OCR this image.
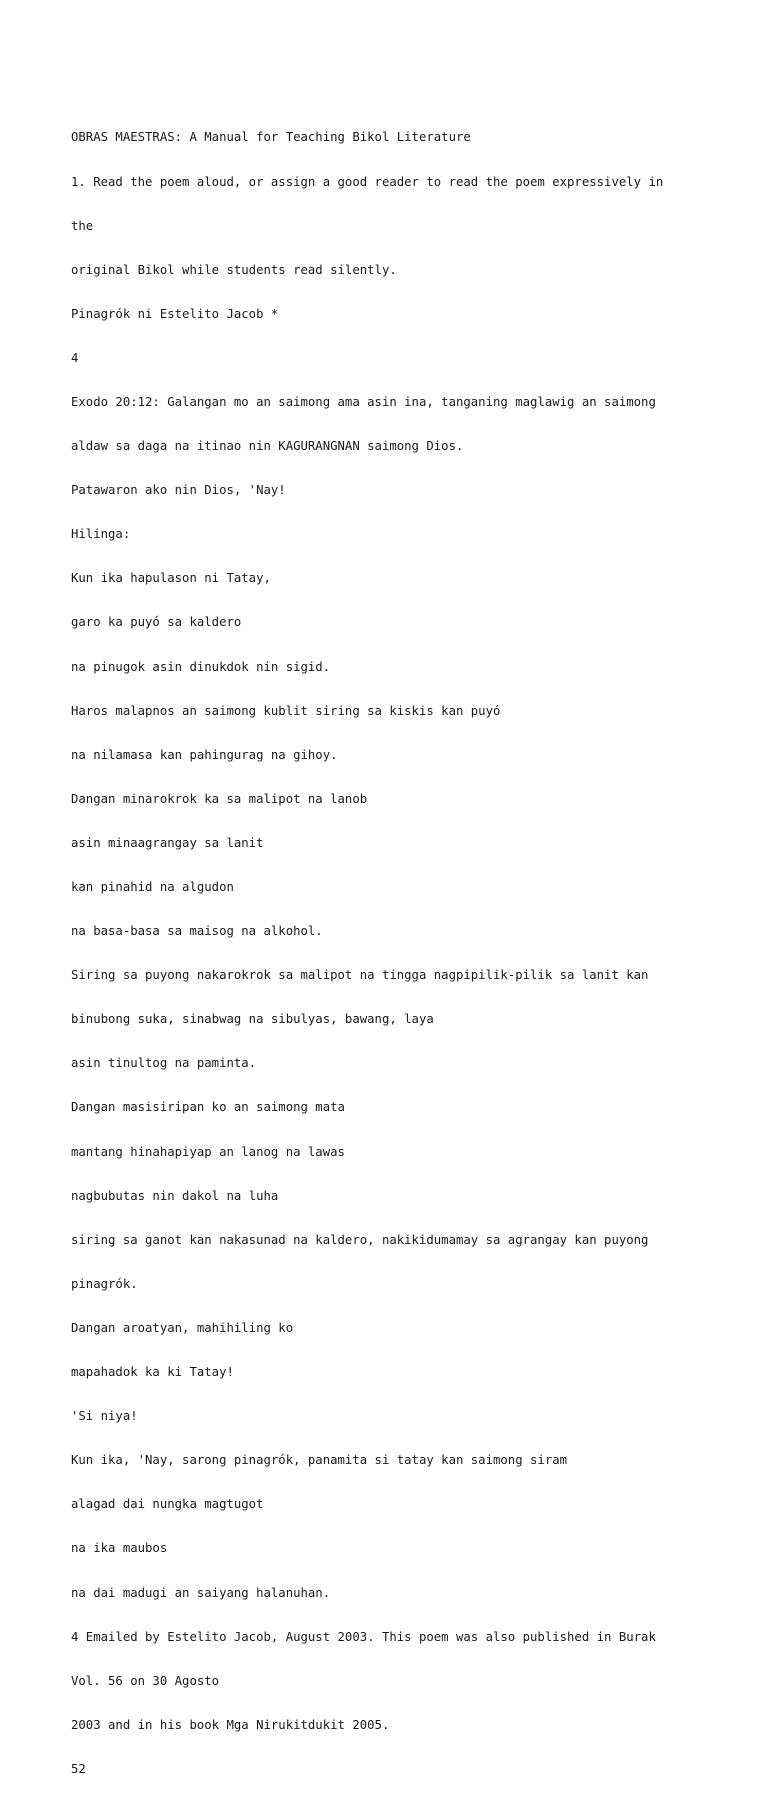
OBRAS MAESTRAS: A Manual for Teaching Bikol Literature

1. Read the poem aloud, or assign a good reader to read the poem expressively in

the

original Bikol while students read silently.

Pinagrók ni Estelito Jacob *

4

Exodo 20:12: Galangan mo an saimong ama asin ina, tanganing maglawig an saimong

aldaw sa daga na itinao nin KAGURANGNAN saimong Dios.

Patawaron ako nin Dios, 'Nay!

Hilinga:

Kun ika hapulason ni Tatay,

garo ka puyó sa kaldero

na pinugok asin dinukdok nin sigid.

Haros malapnos an saimong kublit siring sa kiskis kan puyó

na nilamasa kan pahingurag na gihoy.

Dangan minarokrok ka sa malipot na lanob

asin minaagrangay sa lanit

kan pinahid na algudon

na basa-basa sa maisog na alkohol.

Siring sa puyong nakarokrok sa malipot na tingga nagpipilik-pilik sa lanit kan

binubong suka, sinabwag na sibulyas, bawang, laya

asin tinultog na paminta.

Dangan masisiripan ko an saimong mata

mantang hinahapiyap an lanog na lawas

nagbubutas nin dakol na luha

siring sa ganot kan nakasunad na kaldero, nakikidumamay sa agrangay kan puyong

pinagrók.

Dangan aroatyan, mahihiling ko

mapahadok ka ki Tatay!

'Si niya!

Kun ika, 'Nay, sarong pinagrók, panamita si tatay kan saimong siram

alagad dai nungka magtugot

na ika maubos

na dai madugi an saiyang halanuhan.

4 Emailed by Estelito Jacob, August 2003. This poem was also published in Burak

Vol. 56 on 30 Agosto

2003 and in his book Mga Nirukitdukit 2005.

52
